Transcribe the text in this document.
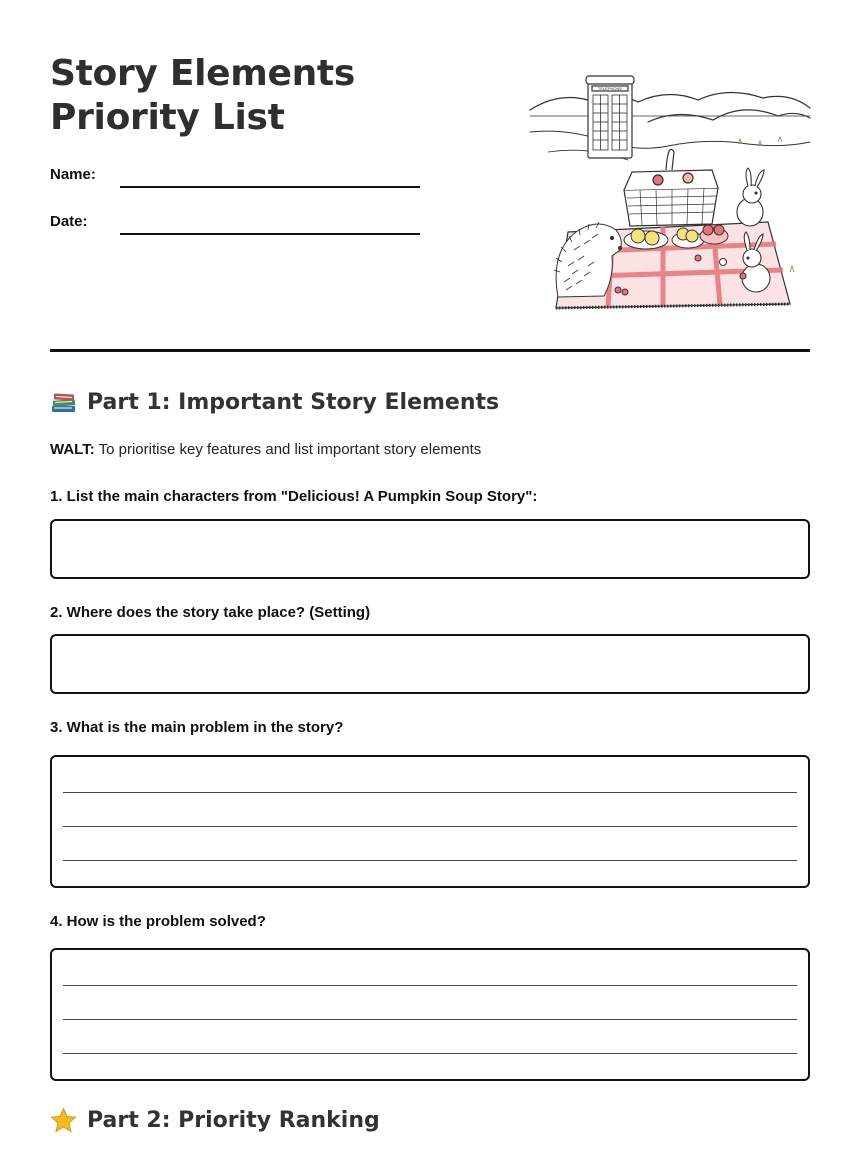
Story Elements Priority List
Name:
Date:
TELEPHONE
Part 1: Important Story Elements
WALT: To prioritise key features and list important story elements
1. List the main characters from "Delicious! A Pumpkin Soup Story":
2. Where does the story take place? (Setting)
3. What is the main problem in the story?
4. How is the problem solved?
Part 2: Priority Ranking
